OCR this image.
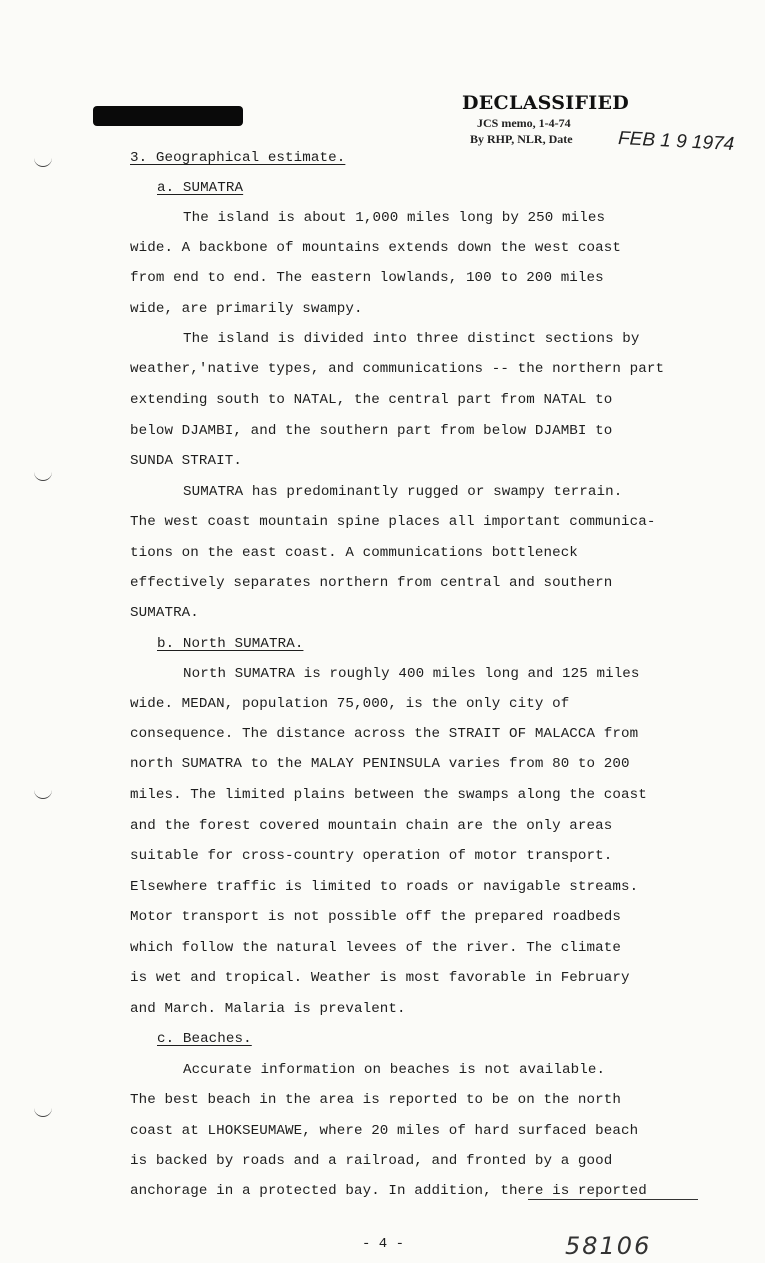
DECLASSIFIED
JCS memo, 1-4-74
By RHP, NLR, Date FEB 1 9 1974
3. Geographical estimate.
a. SUMATRA
The island is about 1,000 miles long by 250 miles
wide. A backbone of mountains extends down the west coast
from end to end. The eastern lowlands, 100 to 200 miles
wide, are primarily swampy.
The island is divided into three distinct sections by
weather,'native types, and communications -- the northern part
extending south to NATAL, the central part from NATAL to
below DJAMBI, and the southern part from below DJAMBI to
SUNDA STRAIT.
SUMATRA has predominantly rugged or swampy terrain.
The west coast mountain spine places all important communica-
tions on the east coast. A communications bottleneck
effectively separates northern from central and southern
SUMATRA.
b. North SUMATRA.
North SUMATRA is roughly 400 miles long and 125 miles
wide. MEDAN, population 75,000, is the only city of
consequence. The distance across the STRAIT OF MALACCA from
north SUMATRA to the MALAY PENINSULA varies from 80 to 200
miles. The limited plains between the swamps along the coast
and the forest covered mountain chain are the only areas
suitable for cross-country operation of motor transport.
Elsewhere traffic is limited to roads or navigable streams.
Motor transport is not possible off the prepared roadbeds
which follow the natural levees of the river. The climate
is wet and tropical. Weather is most favorable in February
and March. Malaria is prevalent.
c. Beaches.
Accurate information on beaches is not available.
The best beach in the area is reported to be on the north
coast at LHOKSEUMAWE, where 20 miles of hard surfaced beach
is backed by roads and a railroad, and fronted by a good
anchorage in a protected bay. In addition, there is reported
- 4 -	58106
